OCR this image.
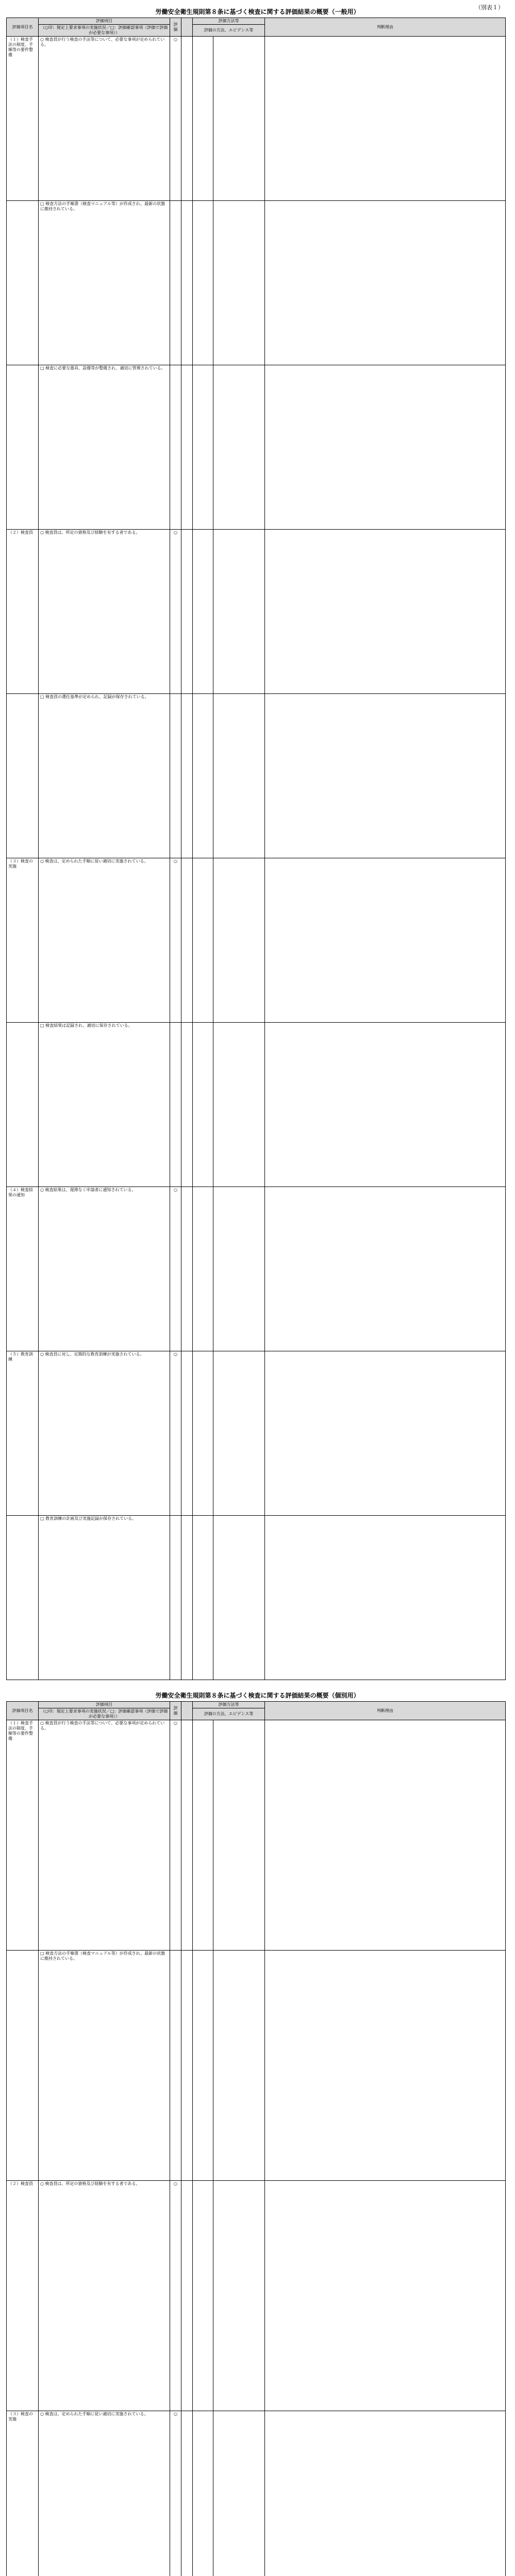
（別表１）
労働安全衛生規則第８条に基づく検査に関する評価結果の概要（一般用）
評価項目名	評価項目	評価		評価方法等		判断理由
	（○印：規定上要求事項の実施状況／□：評価確認事項（評価で評価が必要な事項））			評価の方法、エビデンス等		
（１）検査手法の制度、手順等の要件整備	○ 検査員が行う検査の手法等について、必要な事項が定められている。	○				
	□ 検査方法の手順書（検査マニュアル等）が作成され、最新の状態に維持されている。					
	□ 検査に必要な器具、設備等が整備され、適切に管理されている。					
（２）検査員	○ 検査員は、所定の資格及び経験を有する者である。	○				
	□ 検査員の選任基準が定められ、記録が保存されている。					
（３）検査の実施	○ 検査は、定められた手順に従い適切に実施されている。	○				
	□ 検査結果は記録され、適切に保存されている。					
（４）検査結果の通知	○ 検査結果は、遅滞なく申請者に通知されている。	○				
（５）教育訓練	○ 検査員に対し、定期的な教育訓練が実施されている。	○				
	□ 教育訓練の計画及び実施記録が保存されている。					
労働安全衛生規則第８条に基づく検査に関する評価結果の概要（個別用）
評価項目名	評価項目	評価		評価方法等		判断理由
	（○印：規定上要求事項の実施状況／□：評価確認事項（評価で評価が必要な事項））			評価の方法、エビデンス等		
（１）検査手法の制度、手順等の要件整備	○ 検査員が行う検査の手法等について、必要な事項が定められている。	○				
	□ 検査方法の手順書（検査マニュアル等）が作成され、最新の状態に維持されている。					
（２）検査員	○ 検査員は、所定の資格及び経験を有する者である。	○				
（３）検査の実施	○ 検査は、定められた手順に従い適切に実施されている。	○				
